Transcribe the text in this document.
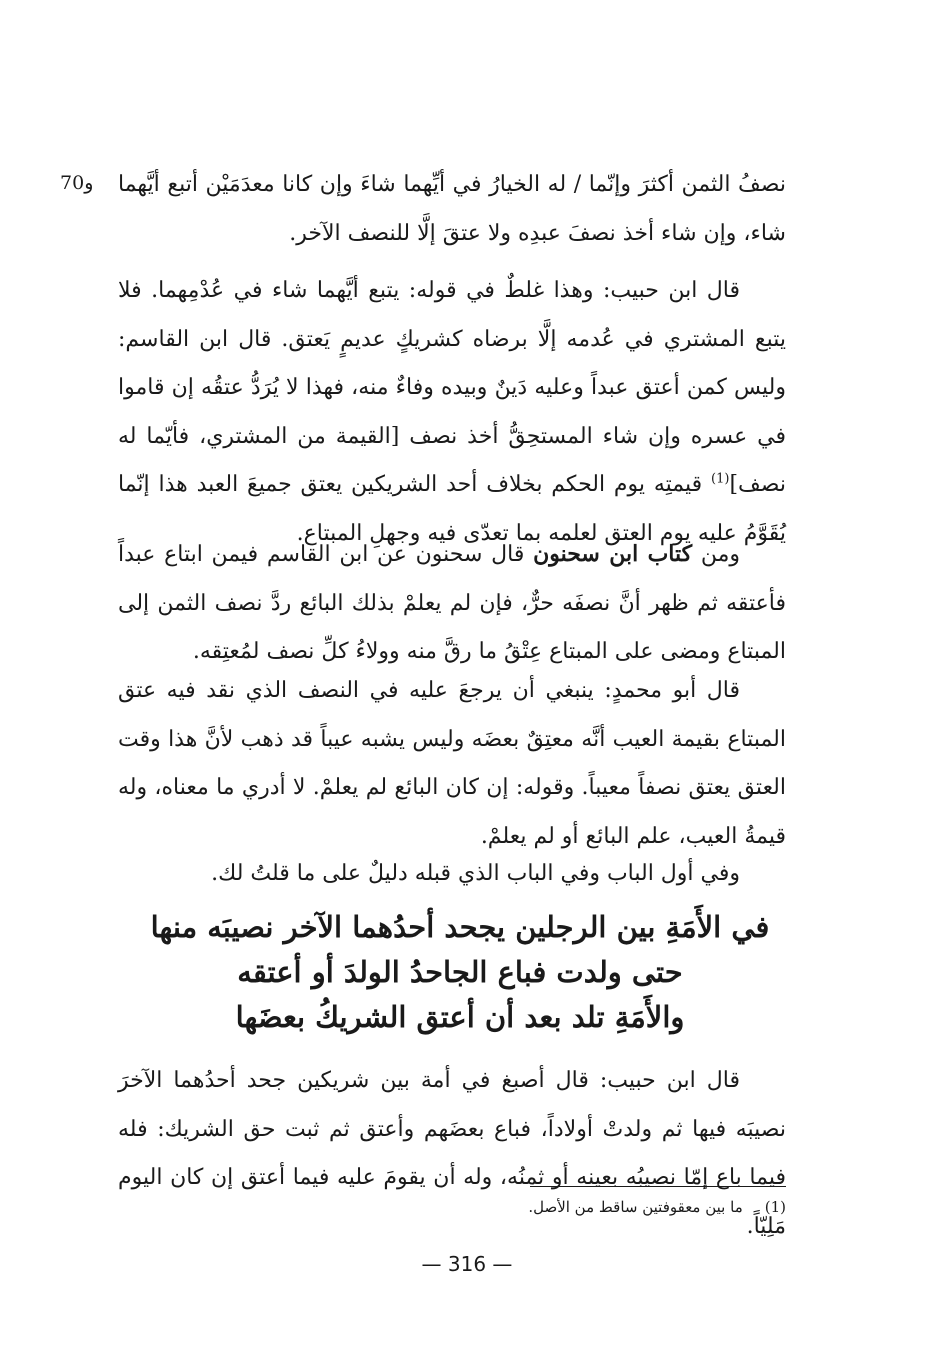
و70 نصفُ الثمن أكثرَ وإنّما / له الخيارُ في أيِّهما شاءَ وإن كانا معدَمَيْن أتبع أيَّهما شاء، وإن شاء أخذ نصفَ عبدِه ولا عتقَ إلَّا للنصف الآخر.

قال ابن حبيب: وهذا غلطٌ في قوله: يتبع أيَّهما شاء في عُدْمِهما. فلا يتبع المشتري في عُدمه إلَّا برضاه كشريكٍ عديمٍ يَعتق. قال ابن القاسم: وليس كمن أعتق عبداً وعليه دَينٌ وبيده وفاءٌ منه، فهذا لا يُرَدُّ عتقُه إن قاموا في عسره وإن شاء المستحِقُّ أخذ نصف [القيمة من المشتري، فأيّما له نصف]$^{(1)}$ قيمتِه يوم الحكم بخلاف أحد الشريكين يعتق جميعَ العبد هذا إنّما يُقَوَّمُ عليه يوم العتق لعلمه بما تعدّى فيه وجهلِ المبتاع.

ومن كتاب ابن سحنون قال سحنون عن ابن القاسم فيمن ابتاع عبداً فأعتقه ثم ظهر أنَّ نصفَه حرٌّ، فإن لم يعلمْ بذلك البائع ردَّ نصف الثمن إلى المبتاع ومضى على المبتاع عِتْقُ ما رقَّ منه وولاءُ كلِّ نصف لمُعتِقه.

قال أبو محمدٍ: ينبغي أن يرجعَ عليه في النصف الذي نقد فيه عتق المبتاع بقيمة العيب أنَّه معتِقٌ بعضَه وليس يشبه عيباً قد ذهب لأنَّ هذا وقت العتق يعتق نصفاً معيباً. وقوله: إن كان البائع لم يعلمْ. لا أدري ما معناه، وله قيمةُ العيب، علم البائع أو لم يعلمْ.

وفي أول الباب وفي الباب الذي قبله دليلٌ على ما قلتُ لك.

في الأَمَةِ بين الرجلين يجحد أحدُهما الآخر نصيبَه منها
حتى ولدت فباع الجاحدُ الولدَ أو أعتقه
والأَمَةِ تلد بعد أن أعتق الشريكُ بعضَها

قال ابن حبيب: قال أصبغ في أمة بين شريكين جحد أحدُهما الآخرَ نصيبَه فيها ثم ولدتْ أولاداً، فباع بعضَهم وأعتق ثم ثبت حق الشريك: فله فيما باع إمّا نصيبُه بعينه أو ثمنُه، وله أن يقومَ عليه فيما أعتق إن كان اليوم مَلِيّاً.

(1)ما بين معقوفتين ساقط من الأصل.

— 316 —
